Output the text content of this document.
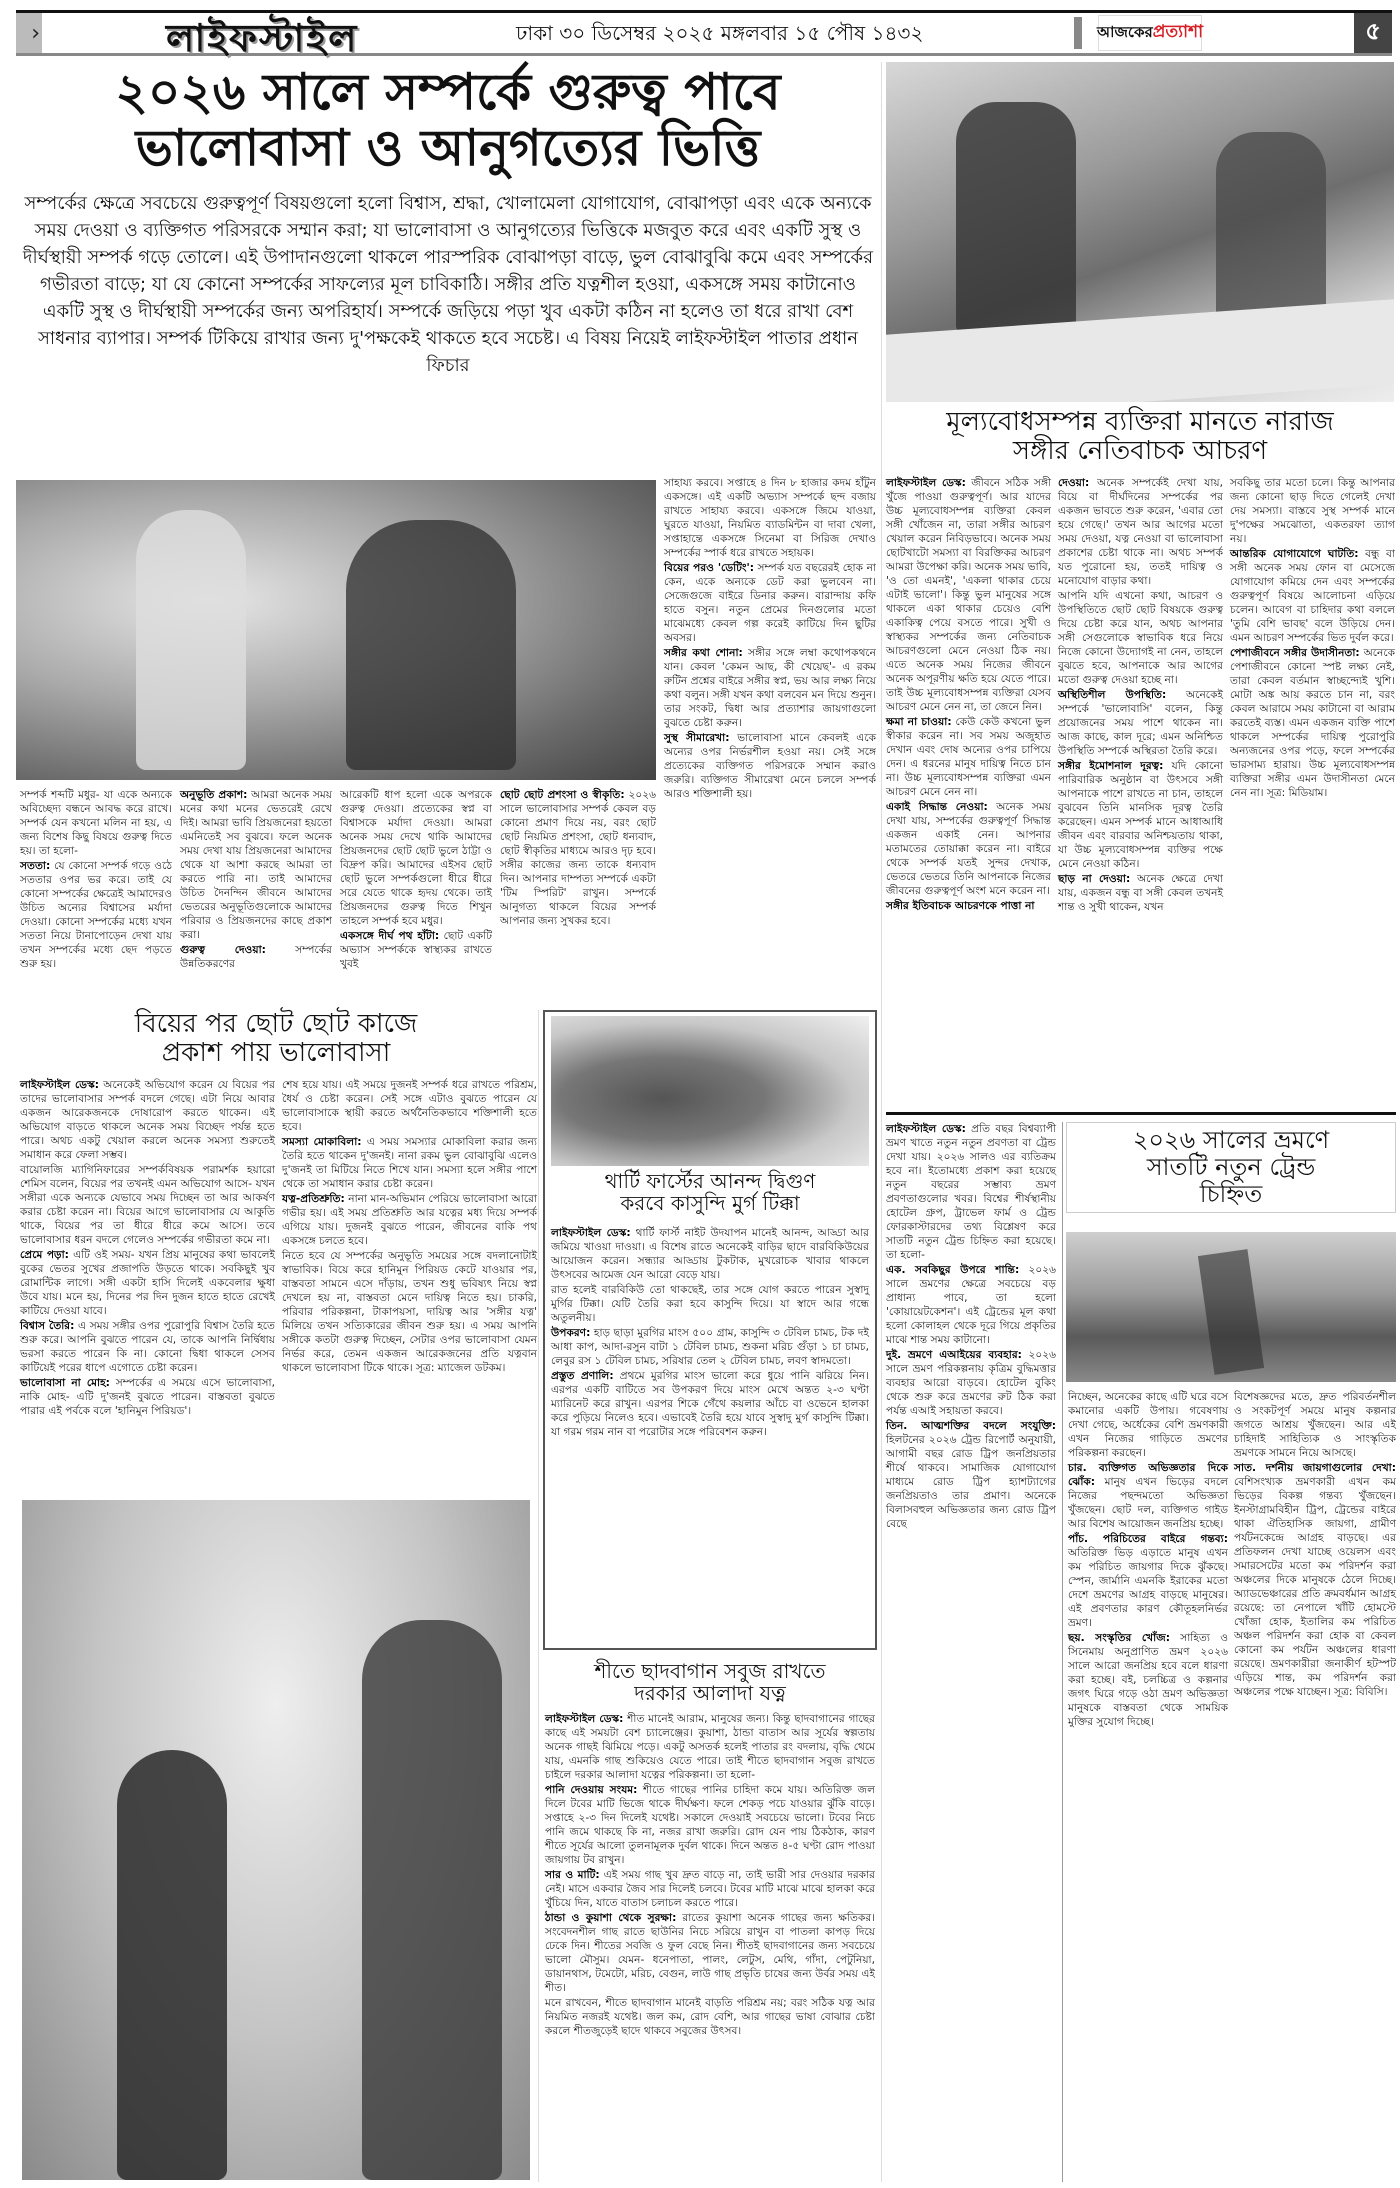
›	লাইফস্টাইল	ঢাকা ৩০ ডিসেম্বর ২০২৫ মঙ্গলবার ১৫ পৌষ ১৪৩২	আজকের প্রত্যাশা	৫
২০২৬ সালে সম্পর্কে গুরুত্ব পাবে
ভালোবাসা ও আনুগত্যের ভিত্তি
সম্পর্কের ক্ষেত্রে সবচেয়ে গুরুত্বপূর্ণ বিষয়গুলো হলো বিশ্বাস, শ্রদ্ধা, খোলামেলা যোগাযোগ, বোঝাপড়া এবং একে অন্যকে সময় দেওয়া ও ব্যক্তিগত পরিসরকে সম্মান করা; যা ভালোবাসা ও আনুগত্যের ভিত্তিকে মজবুত করে এবং একটি সুস্থ ও দীর্ঘস্থায়ী সম্পর্ক গড়ে তোলে। এই উপাদানগুলো থাকলে পারস্পরিক বোঝাপড়া বাড়ে, ভুল বোঝাবুঝি কমে এবং সম্পর্কের গভীরতা বাড়ে; যা যে কোনো সম্পর্কের সাফল্যের মূল চাবিকাঠি। সঙ্গীর প্রতি যত্নশীল হওয়া, একসঙ্গে সময় কাটানোও একটি সুস্থ ও দীর্ঘস্থায়ী সম্পর্কের জন্য অপরিহার্য। সম্পর্কে জড়িয়ে পড়া খুব একটা কঠিন না হলেও তা ধরে রাখা বেশ সাধনার ব্যাপার। সম্পর্ক টিকিয়ে রাখার জন্য দু'পক্ষকেই থাকতে হবে সচেষ্ট। এ বিষয় নিয়েই লাইফস্টাইল পাতার প্রধান ফিচার
মূল্যবোধসম্পন্ন ব্যক্তিরা মানতে নারাজ
সঙ্গীর নেতিবাচক আচরণ

সাহায্য করবে। সপ্তাহে ৪ দিন ৮ হাজার কদম হাঁটুন একসঙ্গে। এই একটি অভ্যাস সম্পর্কে ছন্দ বজায় রাখতে সাহায্য করবে। একসঙ্গে জিমে যাওয়া, ঘুরতে যাওয়া, নিয়মিত ব্যাডমিন্টন বা দাবা খেলা, সপ্তাহান্তে একসঙ্গে সিনেমা বা সিরিজ দেখাও সম্পর্কের স্পার্ক ধরে রাখতে সহায়ক।

বিয়ের পরও 'ডেটিং': সম্পর্ক যত বছরেরই হোক না কেন, একে অন্যকে ডেট করা ভুলবেন না। সেজেগুজে বাইরে ডিনার করুন। বারান্দায় কফি হাতে বসুন। নতুন প্রেমের দিনগুলোর মতো মাঝেমধ্যে কেবল গল্প করেই কাটিয়ে দিন ছুটির অবসর।

সঙ্গীর কথা শোনা: সঙ্গীর সঙ্গে লম্বা কথোপকথনে যান। কেবল 'কেমন আছ, কী খেয়েছ'- এ রকম রুটিন প্রশ্নের বাইরে সঙ্গীর স্বপ্ন, ভয় আর লক্ষ্য নিয়ে কথা বলুন। সঙ্গী যখন কথা বলবেন মন দিয়ে শুনুন। তার সংকট, দ্বিধা আর প্রত্যাশার জায়গাগুলো বুঝতে চেষ্টা করুন।

সুস্থ সীমারেখা: ভালোবাসা মানে কেবলই একে অন্যের ওপর নির্ভরশীল হওয়া নয়। সেই সঙ্গে প্রত্যেকের ব্যক্তিগত পরিসরকে সম্মান করাও জরুরি। ব্যক্তিগত সীমারেখা মেনে চললে সম্পর্ক আরও শক্তিশালী হয়।

সম্পর্ক শব্দটি মধুর- যা একে অন্যকে অবিচ্ছেদ্য বন্ধনে আবদ্ধ করে রাখে। সম্পর্ক যেন কখনো মলিন না হয়, এ জন্য বিশেষ কিছু বিষয়ে গুরুত্ব দিতে হয়। তা হলো-

সততা: যে কোনো সম্পর্ক গড়ে ওঠে সততার ওপর ভর করে। তাই যে কোনো সম্পর্কের ক্ষেত্রেই আমাদেরও উচিত অন্যের বিশ্বাসের মর্যাদা দেওয়া। কোনো সম্পর্কের মধ্যে যখন সততা নিয়ে টানাপোড়েন দেখা যায় তখন সম্পর্কের মধ্যে ছেদ পড়তে শুরু হয়।

অনুভূতি প্রকাশ: আমরা অনেক সময় মনের কথা মনের ভেতরেই রেখে দিই। আমরা ভাবি প্রিয়জনেরা হয়তো এমনিতেই সব বুঝবে। ফলে অনেক সময় দেখা যায় প্রিয়জনেরা আমাদের থেকে যা আশা করছে আমরা তা করতে পারি না। তাই আমাদের উচিত দৈনন্দিন জীবনে আমাদের ভেতরের অনুভূতিগুলোকে আমাদের পরিবার ও প্রিয়জনদের কাছে প্রকাশ করা।

গুরুত্ব দেওয়া: সম্পর্কের উন্নতিকরণের

আরেকটি ধাপ হলো একে অপরকে গুরুত্ব দেওয়া। প্রত্যেকের স্বপ্ন বা বিশ্বাসকে মর্যাদা দেওয়া। আমরা অনেক সময় দেখে থাকি আমাদের প্রিয়জনদের ছোট ছোট ভুলে ঠাট্টা ও বিদ্রুপ করি। আমাদের এইসব ছোট ছোট ভুলে সম্পর্কগুলো ধীরে ধীরে সরে যেতে থাকে হৃদয় থেকে। তাই প্রিয়জনদের গুরুত্ব দিতে শিখুন তাহলে সম্পর্ক হবে মধুর।

একসঙ্গে দীর্ঘ পথ হাঁটা: ছোট একটি অভ্যাস সম্পর্ককে স্বাস্থ্যকর রাখতে খুবই

ছোট ছোট প্রশংসা ও স্বীকৃতি: ২০২৬ সালে ভালোবাসার সম্পর্ক কেবল বড় কোনো প্রমাণ দিয়ে নয়, বরং ছোট ছোট নিয়মিত প্রশংসা, ছোট ধন্যবাদ, ছোট স্বীকৃতির মাধ্যমে আরও দৃঢ় হবে। সঙ্গীর কাজের জন্য তাকে ধন্যবাদ দিন। আপনার দাম্পত্য সম্পর্কে একটা 'টিম স্পিরিট' রাখুন। সম্পর্কে আনুগত্য থাকলে বিয়ের সম্পর্ক আপনার জন্য সুখকর হবে।

লাইফস্টাইল ডেস্ক: জীবনে সঠিক সঙ্গী খুঁজে পাওয়া গুরুত্বপূর্ণ। আর যাদের উচ্চ মূল্যবোধসম্পন্ন ব্যক্তিরা কেবল সঙ্গী খোঁজেন না, তারা সঙ্গীর আচরণ খেয়াল করেন নিবিড়ভাবে। অনেক সময় ছোটখাটো সমস্যা বা বিরক্তিকর আচরণ আমরা উপেক্ষা করি। অনেক সময় ভাবি, 'ও তো এমনই', 'একলা থাকার চেয়ে এটাই ভালো'। কিন্তু ভুল মানুষের সঙ্গে থাকলে একা থাকার চেয়েও বেশি একাকিত্ব পেয়ে বসতে পারে। সুখী ও স্বাস্থ্যকর সম্পর্কের জন্য নেতিবাচক আচরণগুলো মেনে নেওয়া ঠিক নয়। এতে অনেক সময় নিজের জীবনে অনেক অপূরণীয় ক্ষতি হয়ে যেতে পারে। তাই উচ্চ মূল্যবোধসম্পন্ন ব্যক্তিরা যেসব আচরণ মেনে নেন না, তা জেনে নিন।

ক্ষমা না চাওয়া: কেউ কেউ কখনো ভুল স্বীকার করেন না। সব সময় অজুহাত দেখান এবং দোষ অন্যের ওপর চাপিয়ে দেন। এ ধরনের মানুষ দায়িত্ব নিতে চান না। উচ্চ মূল্যবোধসম্পন্ন ব্যক্তিরা এমন আচরণ মেনে নেন না।

একাই সিদ্ধান্ত নেওয়া: অনেক সময় দেখা যায়, সম্পর্কের গুরুত্বপূর্ণ সিদ্ধান্ত একজন একাই নেন। আপনার মতামতের তোয়াক্কা করেন না। বাইরে থেকে সম্পর্ক যতই সুন্দর দেখাক, ভেতরে ভেতরে তিনি আপনাকে নিজের জীবনের গুরুত্বপূর্ণ অংশ মনে করেন না।

সঙ্গীর ইতিবাচক আচরণকে পাত্তা না

দেওয়া: অনেক সম্পর্কেই দেখা যায়, বিয়ে বা দীর্ঘদিনের সম্পর্কের পর একজন ভাবতে শুরু করেন, 'এবার তো হয়ে গেছে।' তখন আর আগের মতো সময় দেওয়া, যত্ন নেওয়া বা ভালোবাসা প্রকাশের চেষ্টা থাকে না। অথচ সম্পর্ক যত পুরোনো হয়, ততই দায়িত্ব ও মনোযোগ বাড়ার কথা।

আপনি যদি এখনো কথা, আচরণ ও উপস্থিতিতে ছোট ছোট বিষয়কে গুরুত্ব দিয়ে চেষ্টা করে যান, অথচ আপনার সঙ্গী সেগুলোকে স্বাভাবিক ধরে নিয়ে নিজে কোনো উদ্যোগই না নেন, তাহলে বুঝতে হবে, আপনাকে আর আগের মতো গুরুত্ব দেওয়া হচ্ছে না।

অস্থিতিশীল উপস্থিতি: অনেকেই সম্পর্কে 'ভালোবাসি' বলেন, কিন্তু প্রয়োজনের সময় পাশে থাকেন না। আজ কাছে, কাল দূরে; এমন অনিশ্চিত উপস্থিতি সম্পর্কে অস্থিরতা তৈরি করে।

সঙ্গীর ইমোশনাল দূরত্ব: যদি কোনো পারিবারিক অনুষ্ঠান বা উৎসবে সঙ্গী আপনাকে পাশে রাখতে না চান, তাহলে বুঝবেন তিনি মানসিক দূরত্ব তৈরি করেছেন। এমন সম্পর্ক মানে আধাআধি জীবন এবং বারবার অনিশ্চয়তায় থাকা, যা উচ্চ মূল্যবোধসম্পন্ন ব্যক্তির পক্ষে মেনে নেওয়া কঠিন।

ছাড় না দেওয়া: অনেক ক্ষেত্রে দেখা যায়, একজন বন্ধু বা সঙ্গী কেবল তখনই শান্ত ও সুখী থাকেন, যখন

সবকিছু তার মতো চলে। কিন্তু আপনার জন্য কোনো ছাড় দিতে গেলেই দেখা দেয় সমস্যা। বাস্তবে সুস্থ সম্পর্ক মানে দু'পক্ষের সমঝোতা, একতরফা ত্যাগ নয়।

আন্তরিক যোগাযোগে ঘাটতি: বন্ধু বা সঙ্গী অনেক সময় ফোন বা মেসেজে যোগাযোগ কমিয়ে দেন এবং সম্পর্কের গুরুত্বপূর্ণ বিষয়ে আলোচনা এড়িয়ে চলেন। আবেগ বা চাহিদার কথা বললে 'তুমি বেশি ভাবছ' বলে উড়িয়ে দেন। এমন আচরণ সম্পর্কের ভিত দুর্বল করে।

পেশাজীবনে সঙ্গীর উদাসীনতা: অনেকে পেশাজীবনে কোনো স্পষ্ট লক্ষ্য নেই, তারা কেবল বর্তমান স্বাচ্ছন্দ্যেই খুশি। মোটা অঙ্ক আয় করতে চান না, বরং কেবল আরামে সময় কাটানো বা আরাম করতেই ব্যস্ত। এমন একজন ব্যক্তি পাশে থাকলে সম্পর্কের দায়িত্ব পুরোপুরি অন্যজনের ওপর পড়ে, ফলে সম্পর্কের ভারসাম্য হারায়। উচ্চ মূল্যবোধসম্পন্ন ব্যক্তিরা সঙ্গীর এমন উদাসীনতা মেনে নেন না। সূত্র: মিডিয়াম।

বিয়ের পর ছোট ছোট কাজে
প্রকাশ পায় ভালোবাসা

লাইফস্টাইল ডেস্ক: অনেকেই অভিযোগ করেন যে বিয়ের পর তাদের ভালোবাসার সম্পর্ক বদলে গেছে। এটা নিয়ে আবার একজন আরেকজনকে দোষারোপ করতে থাকেন। এই অভিযোগ বাড়তে থাকলে অনেক সময় বিচ্ছেদ পর্যন্ত হতে পারে। অথচ একটু খেয়াল করলে অনেক সমস্যা শুরুতেই সমাধান করে ফেলা সম্ভব।

বায়োলজি ম্যাগিনিফারের সম্পর্কবিষয়ক পরামর্শক হয়ারো শেমিস বলেন, বিয়ের পর তখনই এমন অভিযোগ আসে- যখন সঙ্গীরা একে অন্যকে যেভাবে সময় দিচ্ছেন তা আর আকর্ষণ করার চেষ্টা করেন না। বিয়ের আগে ভালোবাসার যে আকুতি থাকে, বিয়ের পর তা ধীরে ধীরে কমে আসে। তবে ভালোবাসার ধরন বদলে গেলেও সম্পর্কের গভীরতা কমে না।

প্রেমে পড়া: এটি ওই সময়- যখন প্রিয় মানুষের কথা ভাবলেই বুকের ভেতর সুখের প্রজাপতি উড়তে থাকে। সবকিছুই খুব রোমান্টিক লাগে। সঙ্গী একটা হাসি দিলেই একবেলার ক্ষুধা উবে যায়। মনে হয়, দিনের পর দিন দুজন হাতে হাতে রেখেই কাটিয়ে দেওয়া যাবে।

বিশ্বাস তৈরি: এ সময় সঙ্গীর ওপর পুরোপুরি বিশ্বাস তৈরি হতে শুরু করে। আপনি বুঝতে পারেন যে, তাকে আপনি নির্দ্বিধায় ভরসা করতে পারেন কি না। কোনো দ্বিধা থাকলে সেসব কাটিয়েই পরের ধাপে এগোতে চেষ্টা করেন।

ভালোবাসা না মোহ: সম্পর্কের এ সময়ে এসে ভালোবাসা, নাকি মোহ- এটি দু'জনই বুঝতে পারেন। বাস্তবতা বুঝতে পারার এই পর্বকে বলে 'হানিমুন পিরিয়ড'।

শেষ হয়ে যায়। এই সময়ে দুজনই সম্পর্ক ধরে রাখতে পরিশ্রম, ধৈর্য ও চেষ্টা করেন। সেই সঙ্গে এটাও বুঝতে পারেন যে ভালোবাসাকে স্থায়ী করতে অর্থনৈতিকভাবে শক্তিশালী হতে হবে।

সমস্যা মোকাবিলা: এ সময় সমস্যার মোকাবিলা করার জন্য তৈরি হতে থাকেন দু'জনই। নানা রকম ভুল বোঝাবুঝি এলেও দু'জনই তা মিটিয়ে নিতে শিখে যান। সমস্যা হলে সঙ্গীর পাশে থেকে তা সমাধান করার চেষ্টা করেন।

যত্ন-প্রতিশ্রুতি: নানা মান-অভিমান পেরিয়ে ভালোবাসা আরো গভীর হয়। এই সময় প্রতিশ্রুতি আর যত্নের মধ্য দিয়ে সম্পর্ক এগিয়ে যায়। দুজনই বুঝতে পারেন, জীবনের বাকি পথ একসঙ্গে চলতে হবে।

নিতে হবে যে সম্পর্কের অনুভূতি সময়ের সঙ্গে বদলানোটাই স্বাভাবিক। বিয়ে করে হানিমুন পিরিয়ড কেটে যাওয়ার পর, বাস্তবতা সামনে এসে দাঁড়ায়, তখন শুধু ভবিষ্যৎ নিয়ে স্বপ্ন দেখলে হয় না, বাস্তবতা মেনে দায়িত্ব নিতে হয়। চাকরি, পরিবার পরিকল্পনা, টাকাপয়সা, দায়িত্ব আর 'সঙ্গীর যত্ন' মিলিয়ে তখন সত্যিকারের জীবন শুরু হয়। এ সময় আপনি সঙ্গীকে কতটা গুরুত্ব দিচ্ছেন, সেটার ওপর ভালোবাসা যেমন নির্ভর করে, তেমন একজন আরেকজনের প্রতি যত্নবান থাকলে ভালোবাসা টিকে থাকে। সূত্র: ম্যাজেল ডটকম।

থার্টি ফার্স্টের আনন্দ দ্বিগুণ
করবে কাসুন্দি মুর্গ টিক্কা

লাইফস্টাইল ডেস্ক: থার্টি ফার্স্ট নাইট উদযাপন মানেই আনন্দ, আড্ডা আর জমিয়ে খাওয়া দাওয়া। এ বিশেষ রাতে অনেকেই বাড়ির ছাদে বারবিকিউয়ের আয়োজন করেন। সন্ধ্যার আড্ডায় টুকটাক, মুখরোচক খাবার থাকলে উৎসবের আমেজ যেন আরো বেড়ে যায়।

রাত হলেই বারবিকিউ তো থাকছেই, তার সঙ্গে যোগ করতে পারেন সুস্বাদু মুর্গির টিক্কা। যেটি তৈরি করা হবে কাসুন্দি দিয়ে। যা স্বাদে আর গন্ধে অতুলনীয়।

উপকরণ: হাড় ছাড়া মুরগির মাংস ৫০০ গ্রাম, কাসুন্দি ৩ টেবিল চামচ, টক দই আধা কাপ, আদা-রসুন বাটা ১ টেবিল চামচ, শুকনা মরিচ গুঁড়া ১ চা চামচ, লেবুর রস ১ টেবিল চামচ, সরিষার তেল ২ টেবিল চামচ, লবণ স্বাদমতো।

প্রস্তুত প্রণালি: প্রথমে মুরগির মাংস ভালো করে ধুয়ে পানি ঝরিয়ে নিন। এরপর একটি বাটিতে সব উপকরণ দিয়ে মাংস মেখে অন্তত ২-৩ ঘণ্টা ম্যারিনেট করে রাখুন। এরপর শিকে গেঁথে কয়লার আঁচে বা ওভেনে হালকা করে পুড়িয়ে নিলেও হবে। এভাবেই তৈরি হয়ে যাবে সুস্বাদু মুর্গ কাসুন্দি টিক্কা। যা গরম গরম নান বা পরোটার সঙ্গে পরিবেশন করুন।

শীতে ছাদবাগান সবুজ রাখতে
দরকার আলাদা যত্ন

লাইফস্টাইল ডেস্ক: শীত মানেই আরাম, মানুষের জন্য। কিন্তু ছাদবাগানের গাছের কাছে এই সময়টা বেশ চ্যালেঞ্জের। কুয়াশা, ঠান্ডা বাতাস আর সূর্যের স্বল্পতায় অনেক গাছই ঝিমিয়ে পড়ে। একটু অসতর্ক হলেই পাতার রং বদলায়, বৃদ্ধি থেমে যায়, এমনকি গাছ শুকিয়েও যেতে পারে। তাই শীতে ছাদবাগান সবুজ রাখতে চাইলে দরকার আলাদা যত্নের পরিকল্পনা। তা হলো-

পানি দেওয়ায় সংযম: শীতে গাছের পানির চাহিদা কমে যায়। অতিরিক্ত জল দিলে টবের মাটি ভিজে থাকে দীর্ঘক্ষণ। ফলে শেকড় পচে যাওয়ার ঝুঁকি বাড়ে। সপ্তাহে ২-৩ দিন দিলেই যথেষ্ট। সকালে দেওয়াই সবচেয়ে ভালো। টবের নিচে পানি জমে থাকছে কি না, নজর রাখা জরুরি। রোদ যেন পায় ঠিকঠাক, কারণ শীতে সূর্যের আলো তুলনামূলক দুর্বল থাকে। দিনে অন্তত ৪-৫ ঘণ্টা রোদ পাওয়া জায়গায় টব রাখুন।

সার ও মাটি: এই সময় গাছ খুব দ্রুত বাড়ে না, তাই ভারী সার দেওয়ার দরকার নেই। মাসে একবার জৈব সার দিলেই চলবে। টবের মাটি মাঝে মাঝে হালকা করে খুঁচিয়ে দিন, যাতে বাতাস চলাচল করতে পারে।

ঠান্ডা ও কুয়াশা থেকে সুরক্ষা: রাতের কুয়াশা অনেক গাছের জন্য ক্ষতিকর। সংবেদনশীল গাছ রাতে ছাউনির নিচে সরিয়ে রাখুন বা পাতলা কাপড় দিয়ে ঢেকে দিন। শীতের সবজি ও ফুল বেছে নিন। শীতই ছাদবাগানের জন্য সবচেয়ে ভালো মৌসুম। যেমন- ধনেপাতা, পালং, লেটুস, মেথি, গাঁদা, পেটুনিয়া, ডায়ানথাস, টমেটো, মরিচ, বেগুন, লাউ গাছ প্রভৃতি চাষের জন্য উর্বর সময় এই শীত।

মনে রাখবেন, শীতে ছাদবাগান মানেই বাড়তি পরিশ্রম নয়; বরং সঠিক যত্ন আর নিয়মিত নজরই যথেষ্ট। জল কম, রোদ বেশি, আর গাছের ভাষা বোঝার চেষ্টা করলে শীতজুড়েই ছাদে থাকবে সবুজের উৎসব।

২০২৬ সালের ভ্রমণে
সাতটি নতুন ট্রেন্ড
চিহ্নিত

লাইফস্টাইল ডেস্ক: প্রতি বছর বিশ্বব্যাপী ভ্রমণ খাতে নতুন নতুন প্রবণতা বা ট্রেন্ড দেখা যায়। ২০২৬ সালও এর ব্যতিক্রম হবে না। ইতোমধ্যে প্রকাশ করা হয়েছে নতুন বছরের সম্ভাব্য ভ্রমণ প্রবণতাগুলোর খবর। বিশ্বের শীর্ষস্থানীয় হোটেল গ্রুপ, ট্রাভেল ফার্ম ও ট্রেন্ড ফোরকাস্টারদের তথ্য বিশ্লেষণ করে সাতটি নতুন ট্রেন্ড চিহ্নিত করা হয়েছে। তা হলো-

এক. সবকিছুর উপরে শান্তি: ২০২৬ সালে ভ্রমণের ক্ষেত্রে সবচেয়ে বড় প্রাধান্য পাবে, তা হলো 'কোয়ায়েটকেশন'। এই ট্রেন্ডের মূল কথা হলো কোলাহল থেকে দূরে গিয়ে প্রকৃতির মাঝে শান্ত সময় কাটানো।

দুই. ভ্রমণে এআইয়ের ব্যবহার: ২০২৬ সালে ভ্রমণ পরিকল্পনায় কৃত্রিম বুদ্ধিমত্তার ব্যবহার আরো বাড়বে। হোটেল বুকিং থেকে শুরু করে ভ্রমণের রুট ঠিক করা পর্যন্ত এআই সহায়তা করবে।

তিন. আত্মশক্তির বদলে সংযুক্তি: হিলটনের ২০২৬ ট্রেন্ড রিপোর্ট অনুযায়ী, আগামী বছর রোড ট্রিপ জনপ্রিয়তার শীর্ষে থাকবে। সামাজিক যোগাযোগ মাধ্যমে রোড ট্রিপ হ্যাশট্যাগের জনপ্রিয়তাও তার প্রমাণ। অনেকে বিলাসবহুল অভিজ্ঞতার জন্য রোড ট্রিপ বেছে

নিচ্ছেন, অনেকের কাছে এটি ঘরে বসে কমানোর একটি উপায়। গবেষণায় দেখা গেছে, অর্ধেকের বেশি ভ্রমণকারী এখন নিজের গাড়িতে ভ্রমণের পরিকল্পনা করছেন।

চার. ব্যক্তিগত অভিজ্ঞতার দিকে ঝোঁক: মানুষ এখন ভিড়ের বদলে নিজের পছন্দমতো অভিজ্ঞতা খুঁজছেন। ছোট দল, ব্যক্তিগত গাইড আর বিশেষ আয়োজন জনপ্রিয় হচ্ছে।

পাঁচ. পরিচিতের বাইরে গন্তব্য: অতিরিক্ত ভিড় এড়াতে মানুষ এখন কম পরিচিত জায়গার দিকে ঝুঁকছে। স্পেন, জার্মানি এমনকি ইরাকের মতো দেশে ভ্রমণের আগ্রহ বাড়ছে মানুষের। এই প্রবণতার কারণ কৌতূহলনির্ভর ভ্রমণ।

ছয়. সংস্কৃতির খোঁজ: সাহিত্য ও সিনেমায় অনুপ্রাণিত ভ্রমণ ২০২৬ সালে আরো জনপ্রিয় হবে বলে ধারণা করা হচ্ছে। বই, চলচ্চিত্র ও কল্পনার জগৎ ঘিরে গড়ে ওঠা ভ্রমণ অভিজ্ঞতা মানুষকে বাস্তবতা থেকে সাময়িক মুক্তির সুযোগ দিচ্ছে।

বিশেষজ্ঞদের মতে, দ্রুত পরিবর্তনশীল ও সংকটপূর্ণ সময়ে মানুষ কল্পনার জগতে আশ্রয় খুঁজছেন। আর এই চাহিদাই সাহিত্যিক ও সাংস্কৃতিক ভ্রমণকে সামনে নিয়ে আসছে।

সাত. দর্শনীয় জায়গাগুলোর দেখা: বেশিসংখ্যক ভ্রমণকারী এখন কম ভিড়ের বিকল্প গন্তব্য খুঁজছেন। ইনস্টাগ্রামবিহীন ট্রিপ, ট্রেন্ডের বাইরে থাকা ঐতিহাসিক জায়গা, গ্রামীণ পর্যটনকেন্দ্রে আগ্রহ বাড়ছে। এর প্রতিফলন দেখা যাচ্ছে ওয়েলস এবং সমারসেটের মতো কম পরিদর্শন করা অঞ্চলের দিকে মানুষকে ঠেলে দিচ্ছে। অ্যাডভেঞ্চারের প্রতি ক্রমবর্ধমান আগ্রহ রয়েছে: তা নেপালে খাঁটি হোমস্টে খোঁজা হোক, ইতালির কম পরিচিত অঞ্চল পরিদর্শন করা হোক বা কেবল কোনো কম পর্যটন অঞ্চলের ধারণা রয়েছে। ভ্রমণকারীরা জনাকীর্ণ হটস্পট এড়িয়ে শান্ত, কম পরিদর্শন করা অঞ্চলের পক্ষে যাচ্ছেন। সূত্র: বিবিসি।
